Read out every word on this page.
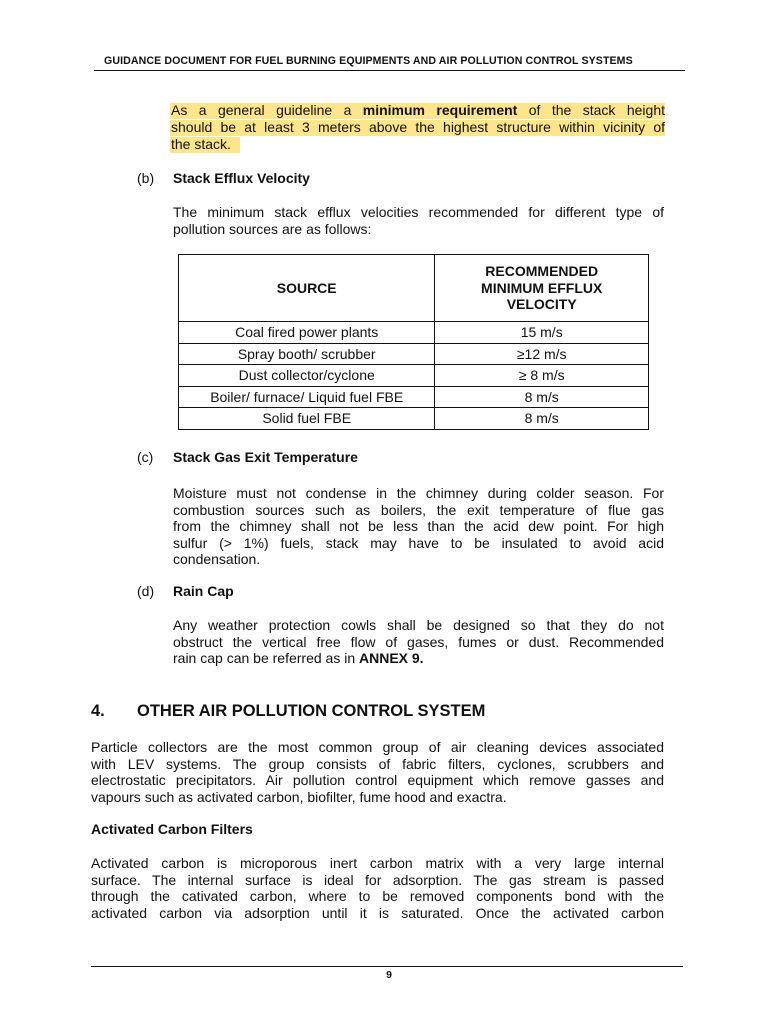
GUIDANCE DOCUMENT FOR FUEL BURNING EQUIPMENTS AND AIR POLLUTION CONTROL SYSTEMS
As a general guideline a minimum requirement of the stack height
should be at least 3 meters above the highest structure within vicinity of
the stack.
(b) Stack Efflux Velocity
The minimum stack efflux velocities recommended for different type of
pollution sources are as follows:
SOURCE	RECOMMENDED
MINIMUM EFFLUX
VELOCITY

Coal fired power plants	15 m/s
Spray booth/ scrubber	≥12 m/s
Dust collector/cyclone	≥ 8 m/s
Boiler/ furnace/ Liquid fuel FBE	8 m/s
Solid fuel FBE	8 m/s
(c) Stack Gas Exit Temperature
Moisture must not condense in the chimney during colder season. For
combustion sources such as boilers, the exit temperature of flue gas
from the chimney shall not be less than the acid dew point. For high
sulfur (> 1%) fuels, stack may have to be insulated to avoid acid
condensation.
(d) Rain Cap
Any weather protection cowls shall be designed so that they do not
obstruct the vertical free flow of gases, fumes or dust. Recommended
rain cap can be referred as in ANNEX 9.
4. OTHER AIR POLLUTION CONTROL SYSTEM
Particle collectors are the most common group of air cleaning devices associated
with LEV systems. The group consists of fabric filters, cyclones, scrubbers and
electrostatic precipitators. Air pollution control equipment which remove gasses and
vapours such as activated carbon, biofilter, fume hood and exactra.
Activated Carbon Filters
Activated carbon is microporous inert carbon matrix with a very large internal
surface. The internal surface is ideal for adsorption. The gas stream is passed
through the cativated carbon, where to be removed components bond with the
activated carbon via adsorption until it is saturated. Once the activated carbon
9
